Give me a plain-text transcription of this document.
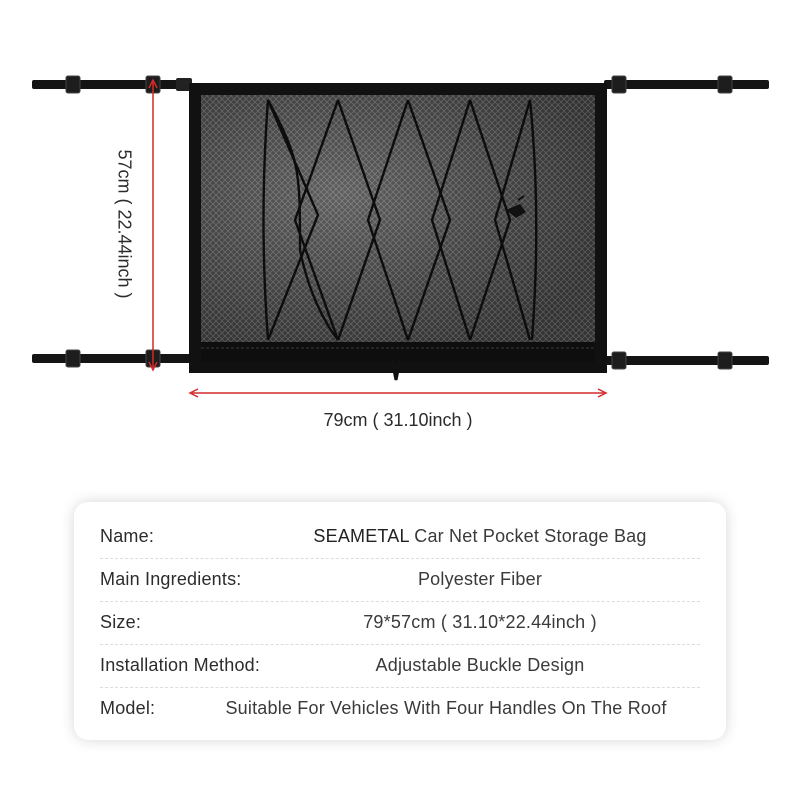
79cm ( 31.10inch )
57cm ( 22.44inch )
Name:	SEAMETAL Car Net Pocket Storage Bag
Main Ingredients:	Polyester Fiber
Size:	79*57cm ( 31.10*22.44inch )
Installation Method:	Adjustable Buckle Design
Model:	Suitable For Vehicles With Four Handles On The Roof
